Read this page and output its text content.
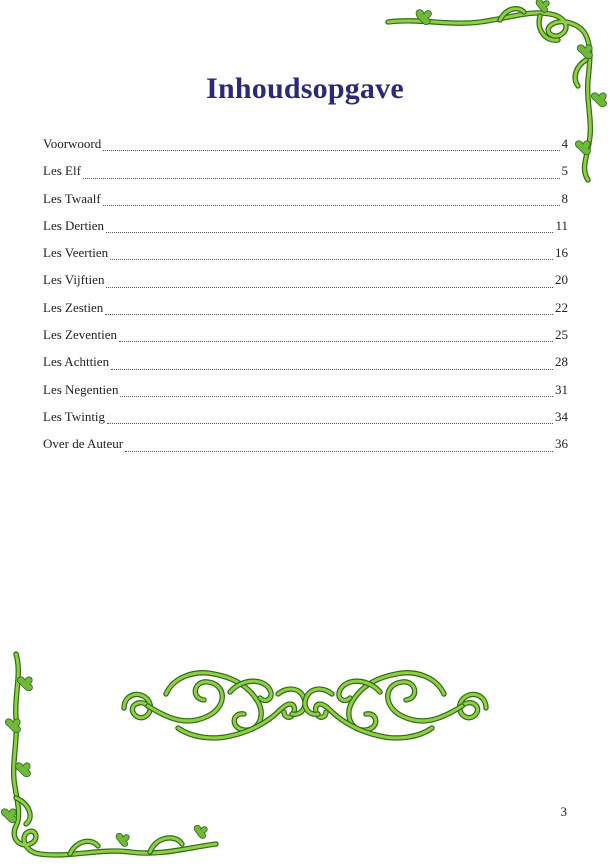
Inhoudsopgave
Voorwoord	4
Les Elf	5
Les Twaalf	8
Les Dertien	11
Les Veertien	16
Les Vijftien	20
Les Zestien	22
Les Zeventien	25
Les Achttien	28
Les Negentien	31
Les Twintig	34
Over de Auteur	36
3
